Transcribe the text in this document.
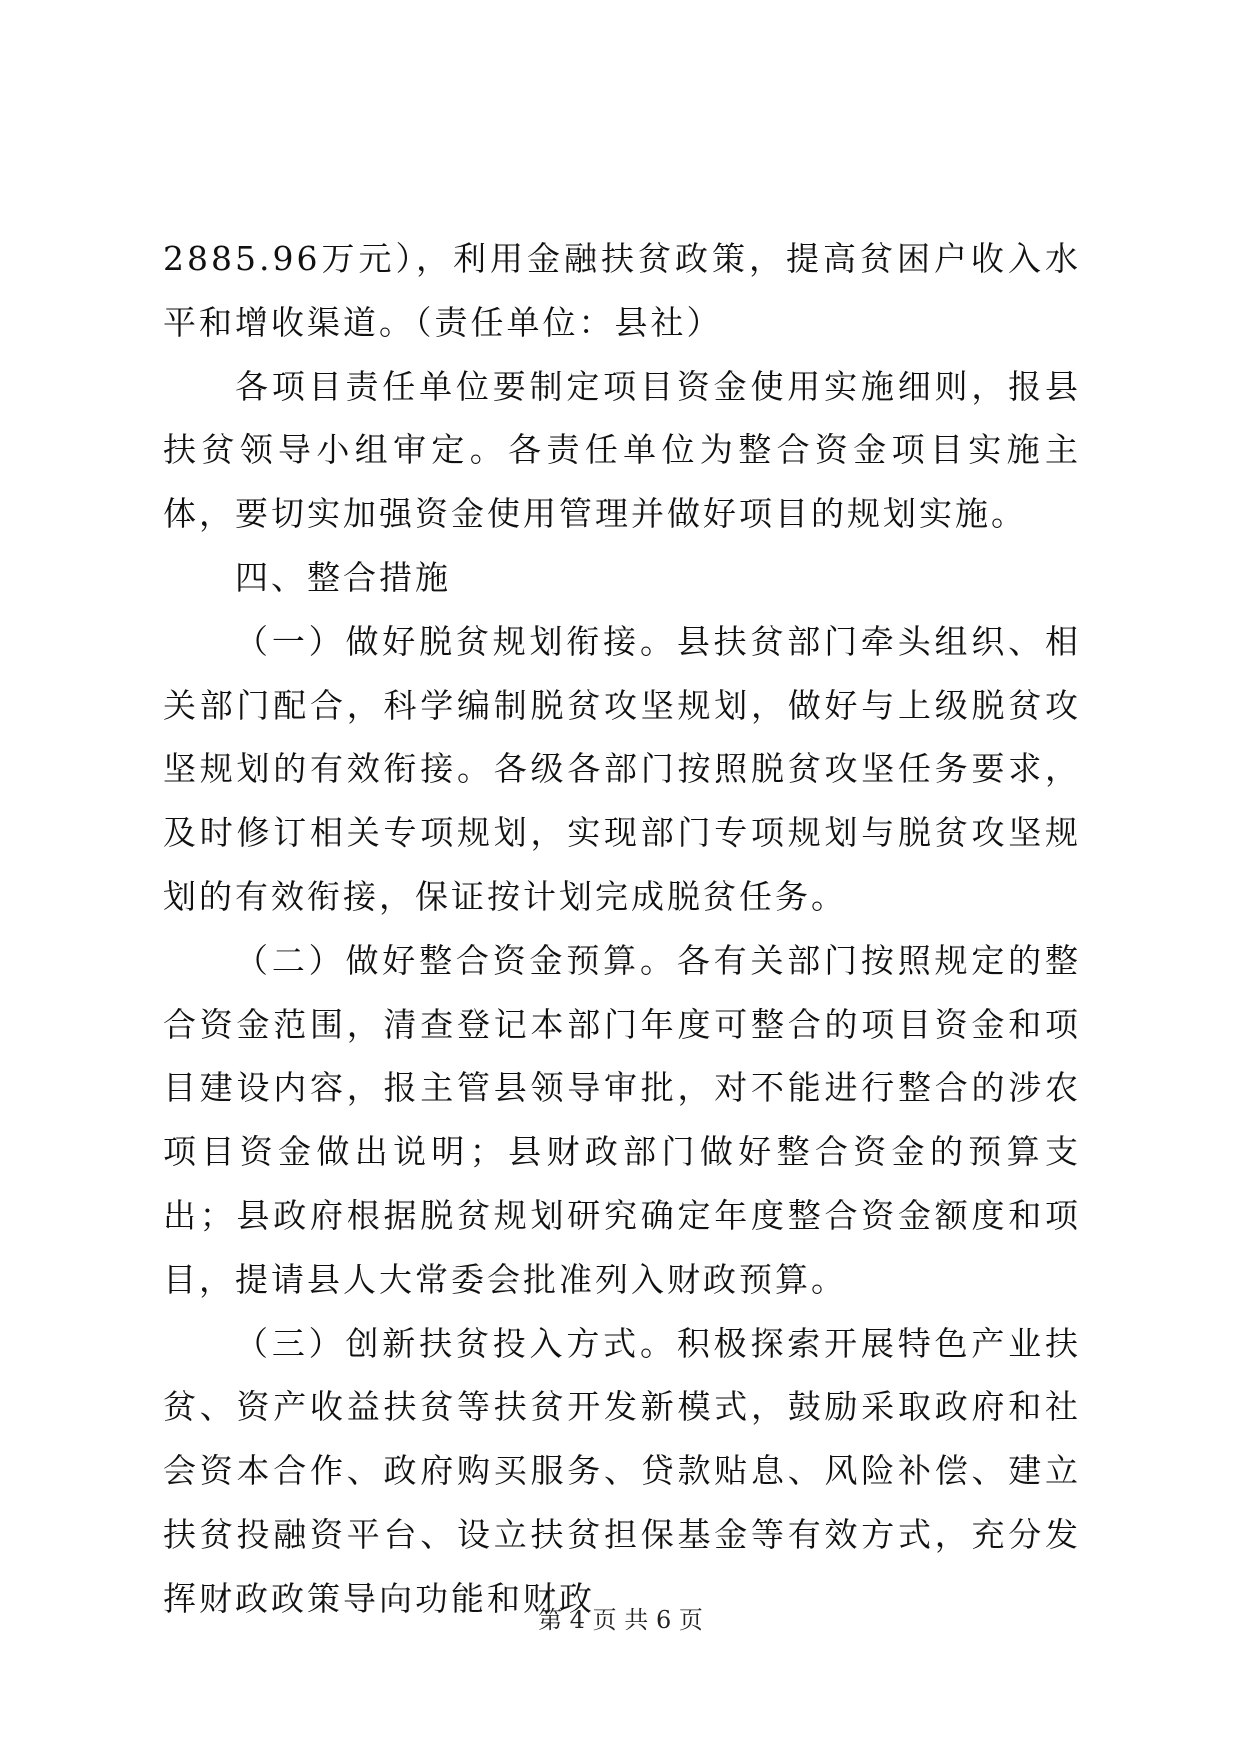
2885.96万元），利用金融扶贫政策，提高贫困户收入水平和增收渠道。（责任单位：县社）

各项目责任单位要制定项目资金使用实施细则，报县扶贫领导小组审定。各责任单位为整合资金项目实施主体，要切实加强资金使用管理并做好项目的规划实施。

四、整合措施

（一）做好脱贫规划衔接。县扶贫部门牵头组织、相关部门配合，科学编制脱贫攻坚规划，做好与上级脱贫攻坚规划的有效衔接。各级各部门按照脱贫攻坚任务要求，及时修订相关专项规划，实现部门专项规划与脱贫攻坚规划的有效衔接，保证按计划完成脱贫任务。

（二）做好整合资金预算。各有关部门按照规定的整合资金范围，清查登记本部门年度可整合的项目资金和项目建设内容，报主管县领导审批，对不能进行整合的涉农项目资金做出说明；县财政部门做好整合资金的预算支出；县政府根据脱贫规划研究确定年度整合资金额度和项目，提请县人大常委会批准列入财政预算。

（三）创新扶贫投入方式。积极探索开展特色产业扶贫、资产收益扶贫等扶贫开发新模式，鼓励采取政府和社会资本合作、政府购买服务、贷款贴息、风险补偿、建立扶贫投融资平台、设立扶贫担保基金等有效方式，充分发挥财政政策导向功能和财政

第 4 页 共 6 页
